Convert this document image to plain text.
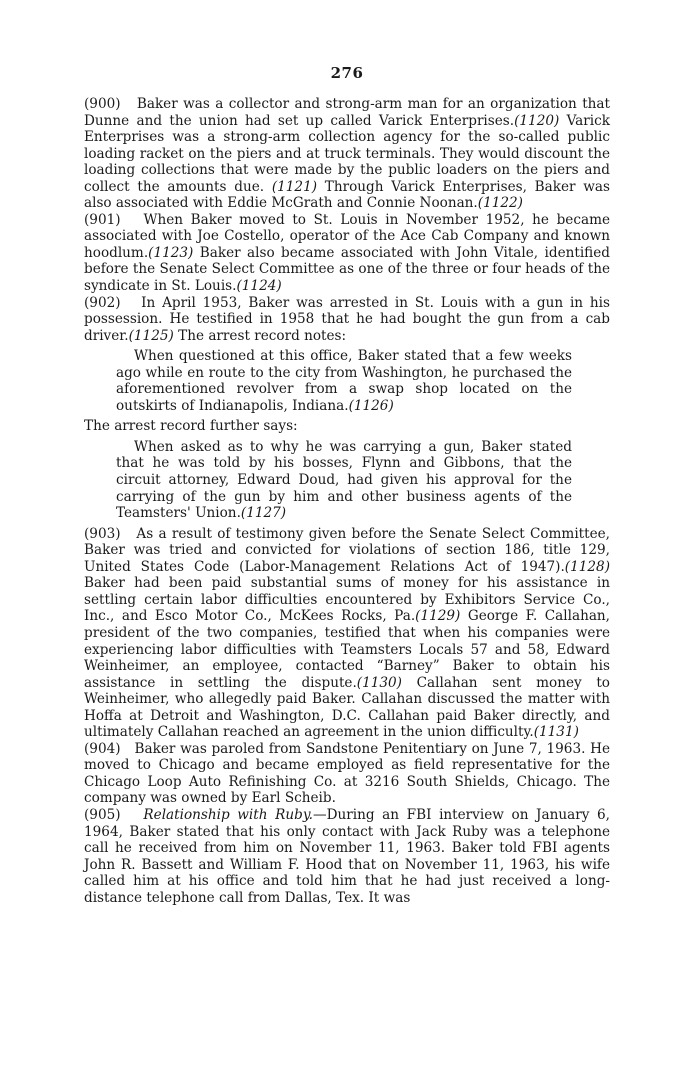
276

(900) Baker was a collector and strong-arm man for an organization that Dunne and the union had set up called Varick Enterprises.(1120) Varick Enterprises was a strong-arm collection agency for the so-called public loading racket on the piers and at truck terminals. They would discount the loading collections that were made by the public loaders on the piers and collect the amounts due. (1121) Through Varick Enterprises, Baker was also associated with Eddie McGrath and Connie Noonan.(1122)

(901) When Baker moved to St. Louis in November 1952, he became associated with Joe Costello, operator of the Ace Cab Company and known hoodlum.(1123) Baker also became associated with John Vitale, identified before the Senate Select Committee as one of the three or four heads of the syndicate in St. Louis.(1124)

(902) In April 1953, Baker was arrested in St. Louis with a gun in his possession. He testified in 1958 that he had bought the gun from a cab driver.(1125) The arrest record notes:

When questioned at this office, Baker stated that a few weeks ago while en route to the city from Washington, he purchased the aforementioned revolver from a swap shop located on the outskirts of Indianapolis, Indiana.(1126)

The arrest record further says:

When asked as to why he was carrying a gun, Baker stated that he was told by his bosses, Flynn and Gibbons, that the circuit attorney, Edward Doud, had given his approval for the carrying of the gun by him and other business agents of the Teamsters' Union.(1127)

(903) As a result of testimony given before the Senate Select Committee, Baker was tried and convicted for violations of section 186, title 129, United States Code (Labor-Management Relations Act of 1947).(1128) Baker had been paid substantial sums of money for his assistance in settling certain labor difficulties encountered by Exhibitors Service Co., Inc., and Esco Motor Co., McKees Rocks, Pa.(1129) George F. Callahan, president of the two companies, testified that when his companies were experiencing labor difficulties with Teamsters Locals 57 and 58, Edward Weinheimer, an employee, contacted “Barney” Baker to obtain his assistance in settling the dispute.(1130) Callahan sent money to Weinheimer, who allegedly paid Baker. Callahan discussed the matter with Hoffa at Detroit and Washington, D.C. Callahan paid Baker directly, and ultimately Callahan reached an agreement in the union difficulty.(1131)

(904) Baker was paroled from Sandstone Penitentiary on June 7, 1963. He moved to Chicago and became employed as field representative for the Chicago Loop Auto Refinishing Co. at 3216 South Shields, Chicago. The company was owned by Earl Scheib.

(905) Relationship with Ruby.—During an FBI interview on January 6, 1964, Baker stated that his only contact with Jack Ruby was a telephone call he received from him on November 11, 1963. Baker told FBI agents John R. Bassett and William F. Hood that on November 11, 1963, his wife called him at his office and told him that he had just received a long-distance telephone call from Dallas, Tex. It was
